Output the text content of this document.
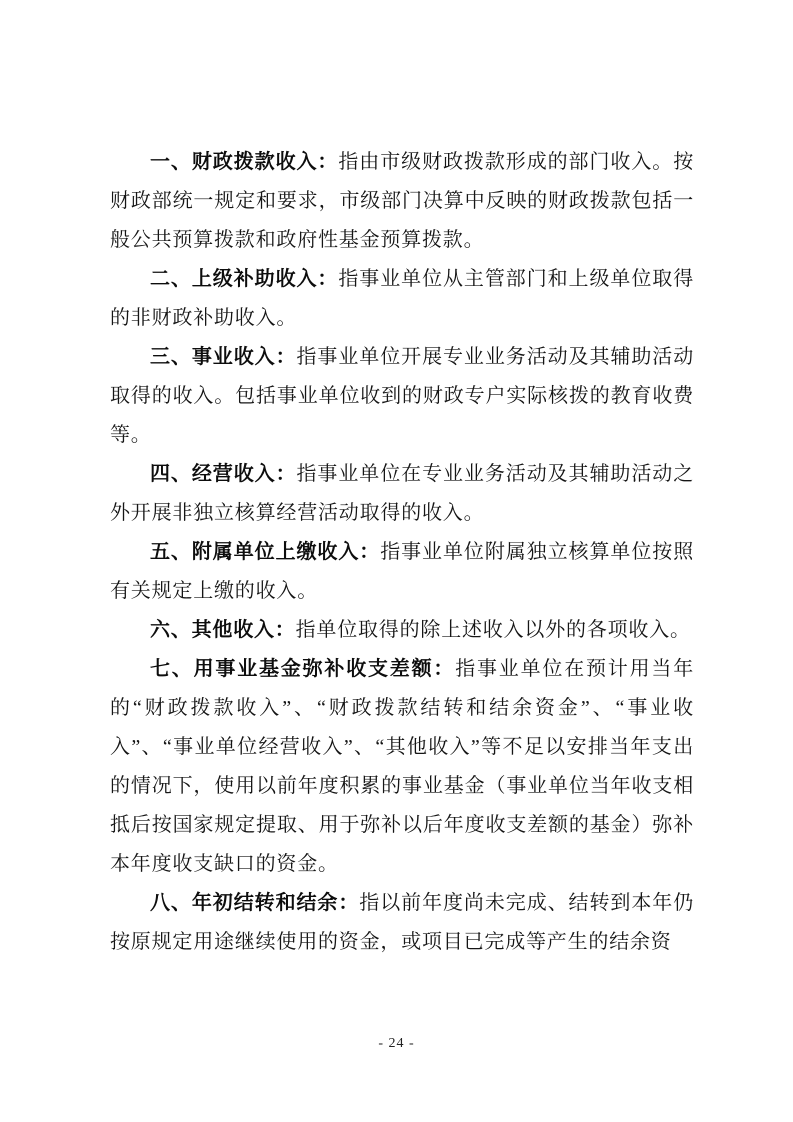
一、财政拨款收入：指由市级财政拨款形成的部门收入。按财政部统一规定和要求，市级部门决算中反映的财政拨款包括一般公共预算拨款和政府性基金预算拨款。

二、上级补助收入：指事业单位从主管部门和上级单位取得的非财政补助收入。

三、事业收入：指事业单位开展专业业务活动及其辅助活动取得的收入。包括事业单位收到的财政专户实际核拨的教育收费等。

四、经营收入：指事业单位在专业业务活动及其辅助活动之外开展非独立核算经营活动取得的收入。

五、附属单位上缴收入：指事业单位附属独立核算单位按照有关规定上缴的收入。

六、其他收入：指单位取得的除上述收入以外的各项收入。

七、用事业基金弥补收支差额：指事业单位在预计用当年的“财政拨款收入”、“财政拨款结转和结余资金”、“事业收入”、“事业单位经营收入”、“其他收入”等不足以安排当年支出的情况下，使用以前年度积累的事业基金（事业单位当年收支相抵后按国家规定提取、用于弥补以后年度收支差额的基金）弥补本年度收支缺口的资金。

八、年初结转和结余：指以前年度尚未完成、结转到本年仍按原规定用途继续使用的资金，或项目已完成等产生的结余资

- 24 -
